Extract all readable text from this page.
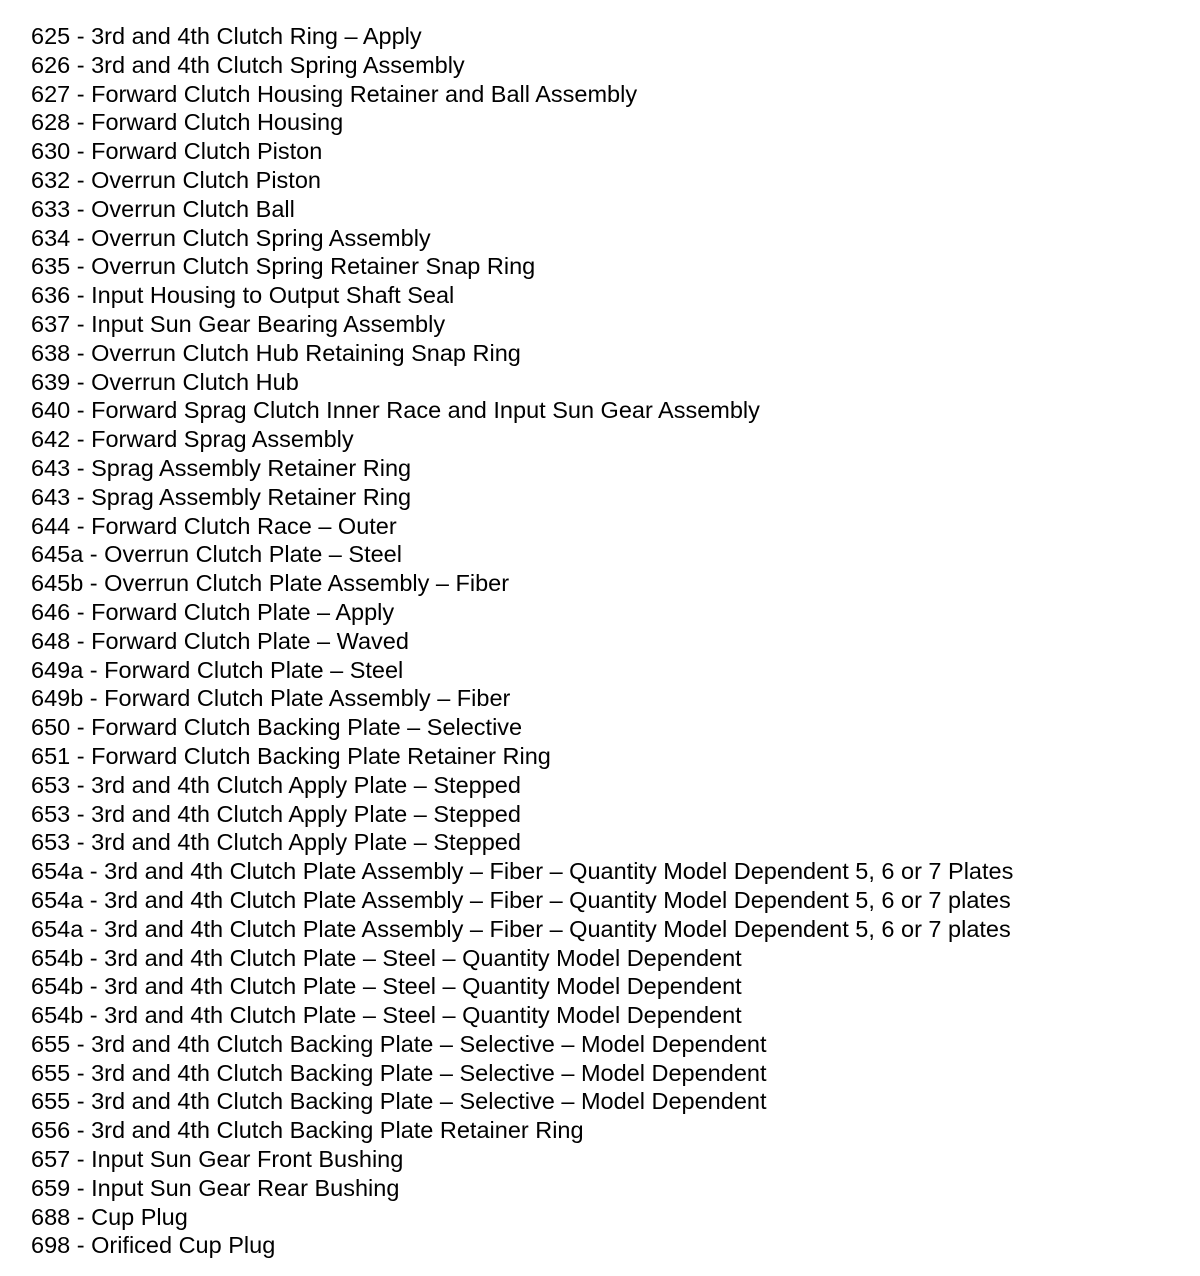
625 - 3rd and 4th Clutch Ring – Apply
626 - 3rd and 4th Clutch Spring Assembly
627 - Forward Clutch Housing Retainer and Ball Assembly
628 - Forward Clutch Housing
630 - Forward Clutch Piston
632 - Overrun Clutch Piston
633 - Overrun Clutch Ball
634 - Overrun Clutch Spring Assembly
635 - Overrun Clutch Spring Retainer Snap Ring
636 - Input Housing to Output Shaft Seal
637 - Input Sun Gear Bearing Assembly
638 - Overrun Clutch Hub Retaining Snap Ring
639 - Overrun Clutch Hub
640 - Forward Sprag Clutch Inner Race and Input Sun Gear Assembly
642 - Forward Sprag Assembly
643 - Sprag Assembly Retainer Ring
643 - Sprag Assembly Retainer Ring
644 - Forward Clutch Race – Outer
645a - Overrun Clutch Plate – Steel
645b - Overrun Clutch Plate Assembly – Fiber
646 - Forward Clutch Plate – Apply
648 - Forward Clutch Plate – Waved
649a - Forward Clutch Plate – Steel
649b - Forward Clutch Plate Assembly – Fiber
650 - Forward Clutch Backing Plate – Selective
651 - Forward Clutch Backing Plate Retainer Ring
653 - 3rd and 4th Clutch Apply Plate – Stepped
653 - 3rd and 4th Clutch Apply Plate – Stepped
653 - 3rd and 4th Clutch Apply Plate – Stepped
654a - 3rd and 4th Clutch Plate Assembly – Fiber – Quantity Model Dependent 5, 6 or 7 Plates
654a - 3rd and 4th Clutch Plate Assembly – Fiber – Quantity Model Dependent 5, 6 or 7 plates
654a - 3rd and 4th Clutch Plate Assembly – Fiber – Quantity Model Dependent 5, 6 or 7 plates
654b - 3rd and 4th Clutch Plate – Steel – Quantity Model Dependent
654b - 3rd and 4th Clutch Plate – Steel – Quantity Model Dependent
654b - 3rd and 4th Clutch Plate – Steel – Quantity Model Dependent
655 - 3rd and 4th Clutch Backing Plate – Selective – Model Dependent
655 - 3rd and 4th Clutch Backing Plate – Selective – Model Dependent
655 - 3rd and 4th Clutch Backing Plate – Selective – Model Dependent
656 - 3rd and 4th Clutch Backing Plate Retainer Ring
657 - Input Sun Gear Front Bushing
659 - Input Sun Gear Rear Bushing
688 - Cup Plug
698 - Orificed Cup Plug
